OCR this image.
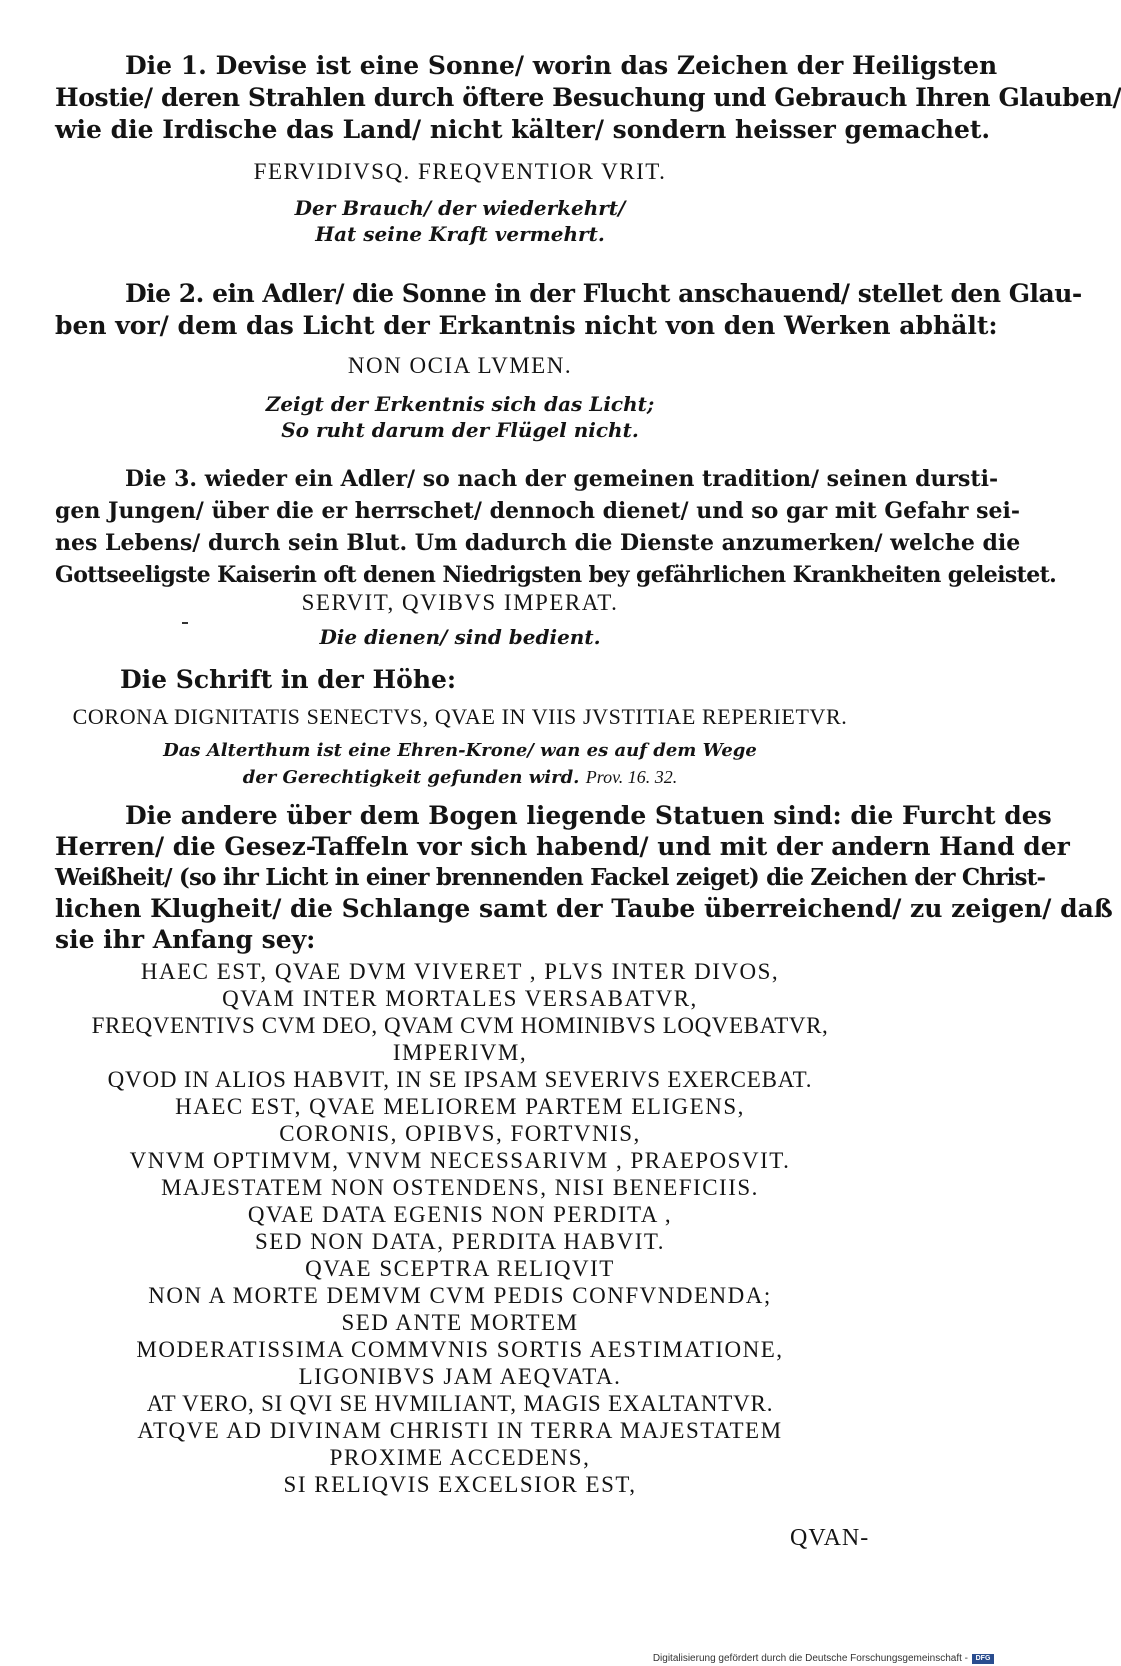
Die 1. Devise ist eine Sonne/ worin das Zeichen der Heiligsten
Hostie/ deren Strahlen durch öftere Besuchung und Gebrauch Ihren Glauben/
wie die Irdische das Land/ nicht kälter/ sondern heisser gemachet.
FERVIDIVSQ. FREQVENTIOR VRIT.
Der Brauch/ der wiederkehrt/
Hat seine Kraft vermehrt.
Die 2. ein Adler/ die Sonne in der Flucht anschauend/ stellet den Glau-
ben vor/ dem das Licht der Erkantnis nicht von den Werken abhält:
NON OCIA LVMEN.
Zeigt der Erkentnis sich das Licht;
So ruht darum der Flügel nicht.
Die 3. wieder ein Adler/ so nach der gemeinen tradition/ seinen dursti-
gen Jungen/ über die er herrschet/ dennoch dienet/ und so gar mit Gefahr sei-
nes Lebens/ durch sein Blut. Um dadurch die Dienste anzumerken/ welche die
Gottseeligste Kaiserin oft denen Niedrigsten bey gefährlichen Krankheiten geleistet.
SERVIT, QVIBVS IMPERAT.
Die dienen/ sind bedient.
Die Schrift in der Höhe:
CORONA DIGNITATIS SENECTVS, QVAE IN VIIS JVSTITIAE REPERIETVR.
Das Alterthum ist eine Ehren-Krone/ wan es auf dem Wege
der Gerechtigkeit gefunden wird. Prov. 16. 32.
Die andere über dem Bogen liegende Statuen sind: die Furcht des
Herren/ die Gesez-Taffeln vor sich habend/ und mit der andern Hand der
Weißheit/ (so ihr Licht in einer brennenden Fackel zeiget) die Zeichen der Christ-
lichen Klugheit/ die Schlange samt der Taube überreichend/ zu zeigen/ daß
sie ihr Anfang sey:
HAEC EST, QVAE DVM VIVERET , PLVS INTER DIVOS,
QVAM INTER MORTALES VERSABATVR,
FREQVENTIVS CVM DEO, QVAM CVM HOMINIBVS LOQVEBATVR,
IMPERIVM,
QVOD IN ALIOS HABVIT, IN SE IPSAM SEVERIVS EXERCEBAT.
HAEC EST, QVAE MELIOREM PARTEM ELIGENS,
CORONIS, OPIBVS, FORTVNIS,
VNVM OPTIMVM, VNVM NECESSARIVM , PRAEPOSVIT.
MAJESTATEM NON OSTENDENS, NISI BENEFICIIS.
QVAE DATA EGENIS NON PERDITA ,
SED NON DATA, PERDITA HABVIT.
QVAE SCEPTRA RELIQVIT
NON A MORTE DEMVM CVM PEDIS CONFVNDENDA;
SED ANTE MORTEM
MODERATISSIMA COMMVNIS SORTIS AESTIMATIONE,
LIGONIBVS JAM AEQVATA.
AT VERO, SI QVI SE HVMILIANT, MAGIS EXALTANTVR.
ATQVE AD DIVINAM CHRISTI IN TERRA MAJESTATEM
PROXIME ACCEDENS,
SI RELIQVIS EXCELSIOR EST,
QVAN-
Digitalisierung gefördert durch die Deutsche Forschungsgemeinschaft -	DFG
